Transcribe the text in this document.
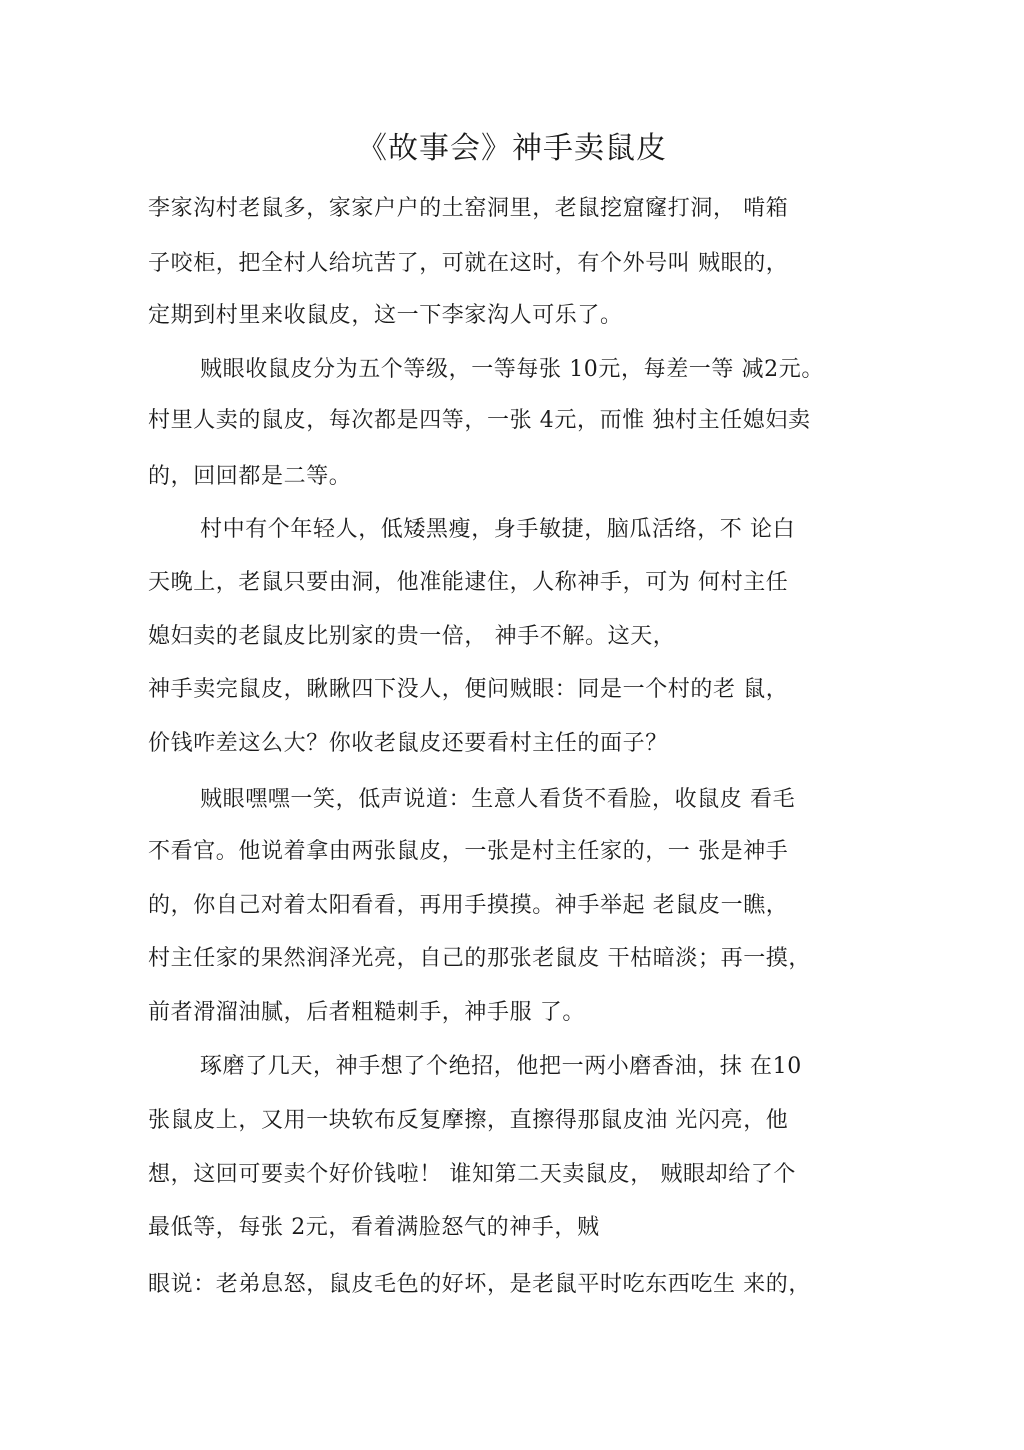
《故事会》神手卖鼠皮
李家沟村老鼠多，家家户户的土窑洞里，老鼠挖窟窿打洞， 啃箱
子咬柜，把全村人给坑苦了，可就在这时，有个外号叫 贼眼的，
定期到村里来收鼠皮，这一下李家沟人可乐了。
贼眼收鼠皮分为五个等级，一等每张 10元，每差一等 减2元。
村里人卖的鼠皮，每次都是四等，一张 4元，而惟 独村主任媳妇卖
的，回回都是二等。
村中有个年轻人，低矮黑瘦，身手敏捷，脑瓜活络，不 论白
天晚上，老鼠只要由洞，他准能逮住，人称神手，可为 何村主任
媳妇卖的老鼠皮比别家的贵一倍， 神手不解。这天，
神手卖完鼠皮，瞅瞅四下没人，便问贼眼：同是一个村的老 鼠，
价钱咋差这么大？你收老鼠皮还要看村主任的面子？
贼眼嘿嘿一笑，低声说道：生意人看货不看脸，收鼠皮 看毛
不看官。他说着拿由两张鼠皮，一张是村主任家的，一 张是神手
的，你自己对着太阳看看，再用手摸摸。神手举起 老鼠皮一瞧，
村主任家的果然润泽光亮，自己的那张老鼠皮 干枯暗淡；再一摸，
前者滑溜油腻，后者粗糙刺手，神手服 了。
琢磨了几天，神手想了个绝招，他把一两小磨香油，抹 在10
张鼠皮上，又用一块软布反复摩擦，直擦得那鼠皮油 光闪亮，他
想，这回可要卖个好价钱啦！ 谁知第二天卖鼠皮， 贼眼却给了个
最低等，每张 2元，看着满脸怒气的神手，贼
眼说：老弟息怒，鼠皮毛色的好坏，是老鼠平时吃东西吃生 来的，
